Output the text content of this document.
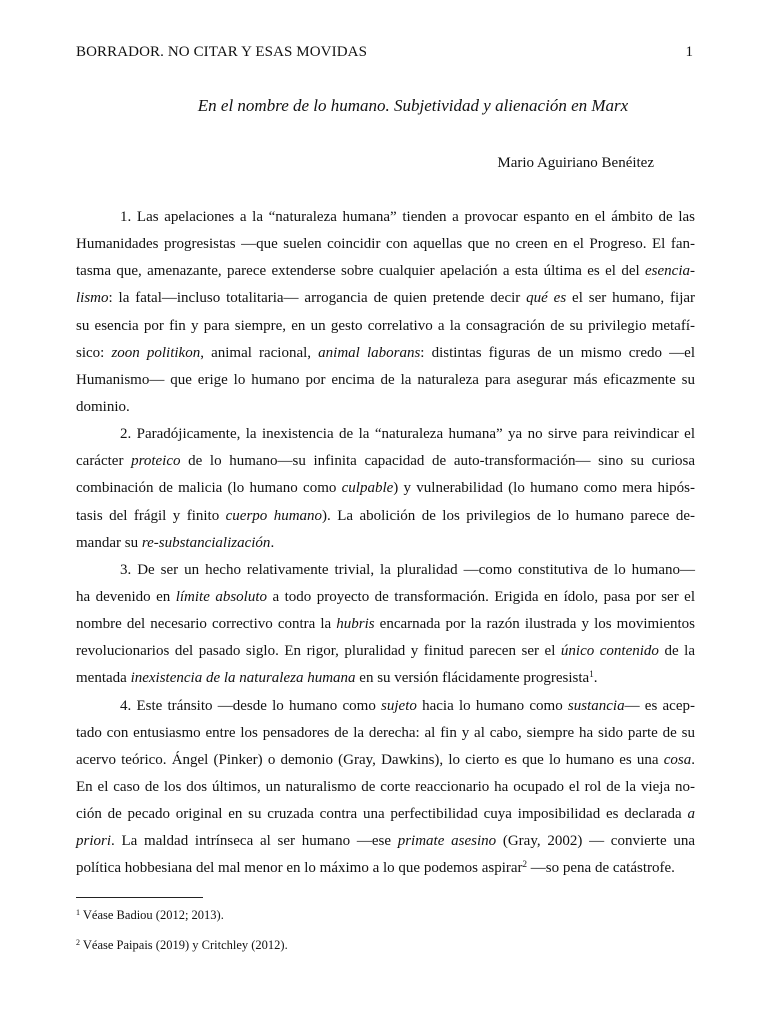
BORRADOR. NO CITAR Y ESAS MOVIDAS	1
En el nombre de lo humano. Subjetividad y alienación en Marx
Mario Aguiriano Benéitez
1. Las apelaciones a la “naturaleza humana” tienden a provocar espanto en el ámbito de las
Humanidades progresistas —que suelen coincidir con aquellas que no creen en el Progreso. El fan-
tasma que, amenazante, parece extenderse sobre cualquier apelación a esta última es el del esencia-
lismo: la fatal—incluso totalitaria— arrogancia de quien pretende decir qué es el ser humano, fijar
su esencia por fin y para siempre, en un gesto correlativo a la consagración de su privilegio metafí-
sico: zoon politikon, animal racional, animal laborans: distintas figuras de un mismo credo —el
Humanismo— que erige lo humano por encima de la naturaleza para asegurar más eficazmente su
dominio.
2. Paradójicamente, la inexistencia de la “naturaleza humana” ya no sirve para reivindicar el
carácter proteico de lo humano—su infinita capacidad de auto-transformación— sino su curiosa
combinación de malicia (lo humano como culpable) y vulnerabilidad (lo humano como mera hipós-
tasis del frágil y finito cuerpo humano). La abolición de los privilegios de lo humano parece de-
mandar su re-substancialización.
3. De ser un hecho relativamente trivial, la pluralidad —como constitutiva de lo humano—
ha devenido en límite absoluto a todo proyecto de transformación. Erigida en ídolo, pasa por ser el
nombre del necesario correctivo contra la hubris encarnada por la razón ilustrada y los movimientos
revolucionarios del pasado siglo. En rigor, pluralidad y finitud parecen ser el único contenido de la
mentada inexistencia de la naturaleza humana en su versión flácidamente progresista$^1$.
4. Este tránsito —desde lo humano como sujeto hacia lo humano como sustancia— es acep-
tado con entusiasmo entre los pensadores de la derecha: al fin y al cabo, siempre ha sido parte de su
acervo teórico. Ángel (Pinker) o demonio (Gray, Dawkins), lo cierto es que lo humano es una cosa.
En el caso de los dos últimos, un naturalismo de corte reaccionario ha ocupado el rol de la vieja no-
ción de pecado original en su cruzada contra una perfectibilidad cuya imposibilidad es declarada a
priori. La maldad intrínseca al ser humano —ese primate asesino (Gray, 2002) — convierte una
política hobbesiana del mal menor en lo máximo a lo que podemos aspirar$^2$ —so pena de catástrofe.
$^1$ Véase Badiou (2012; 2013).
$^2$ Véase Paipais (2019) y Critchley (2012).
